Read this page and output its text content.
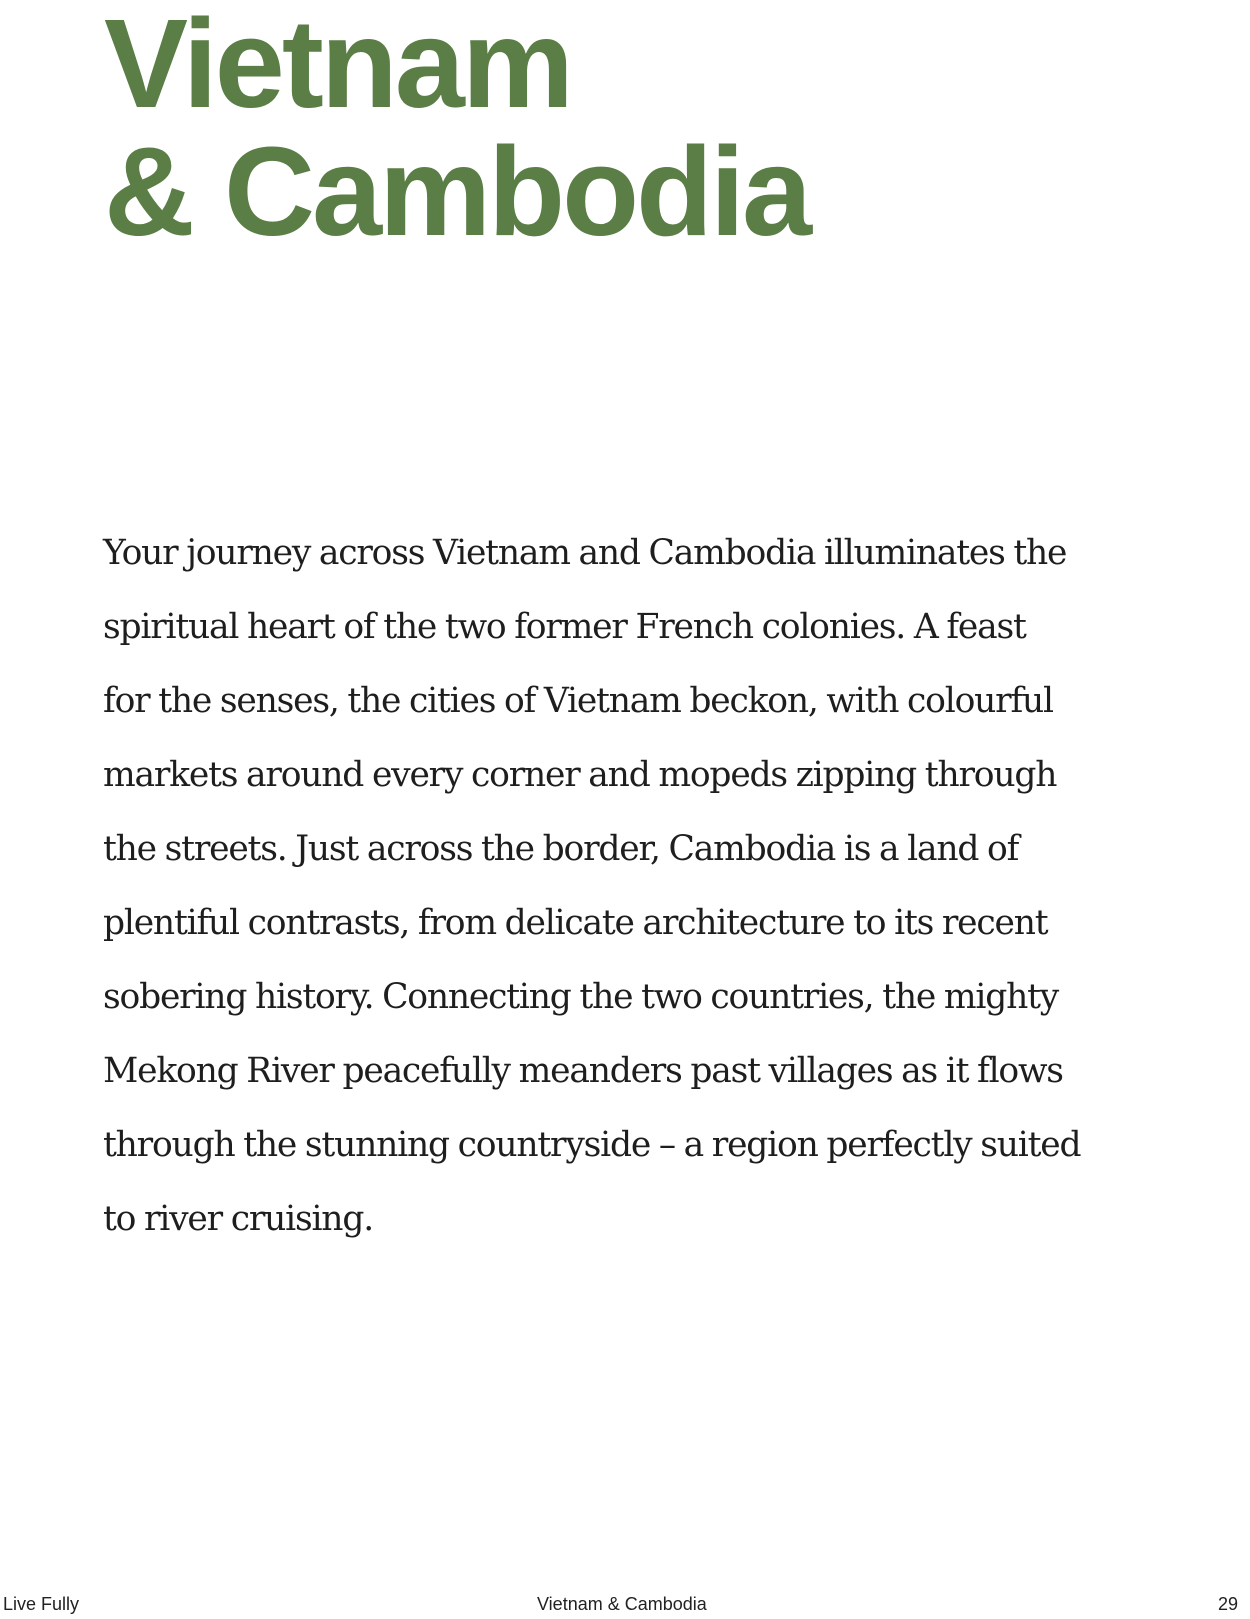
Vietnam
& Cambodia

Your journey across Vietnam and Cambodia illuminates the
spiritual heart of the two former French colonies. A feast
for the senses, the cities of Vietnam beckon, with colourful
markets around every corner and mopeds zipping through
the streets. Just across the border, Cambodia is a land of
plentiful contrasts, from delicate architecture to its recent
sobering history. Connecting the two countries, the mighty
Mekong River peacefully meanders past villages as it flows
through the stunning countryside – a region perfectly suited
to river cruising.

Live Fully	Vietnam & Cambodia	29
